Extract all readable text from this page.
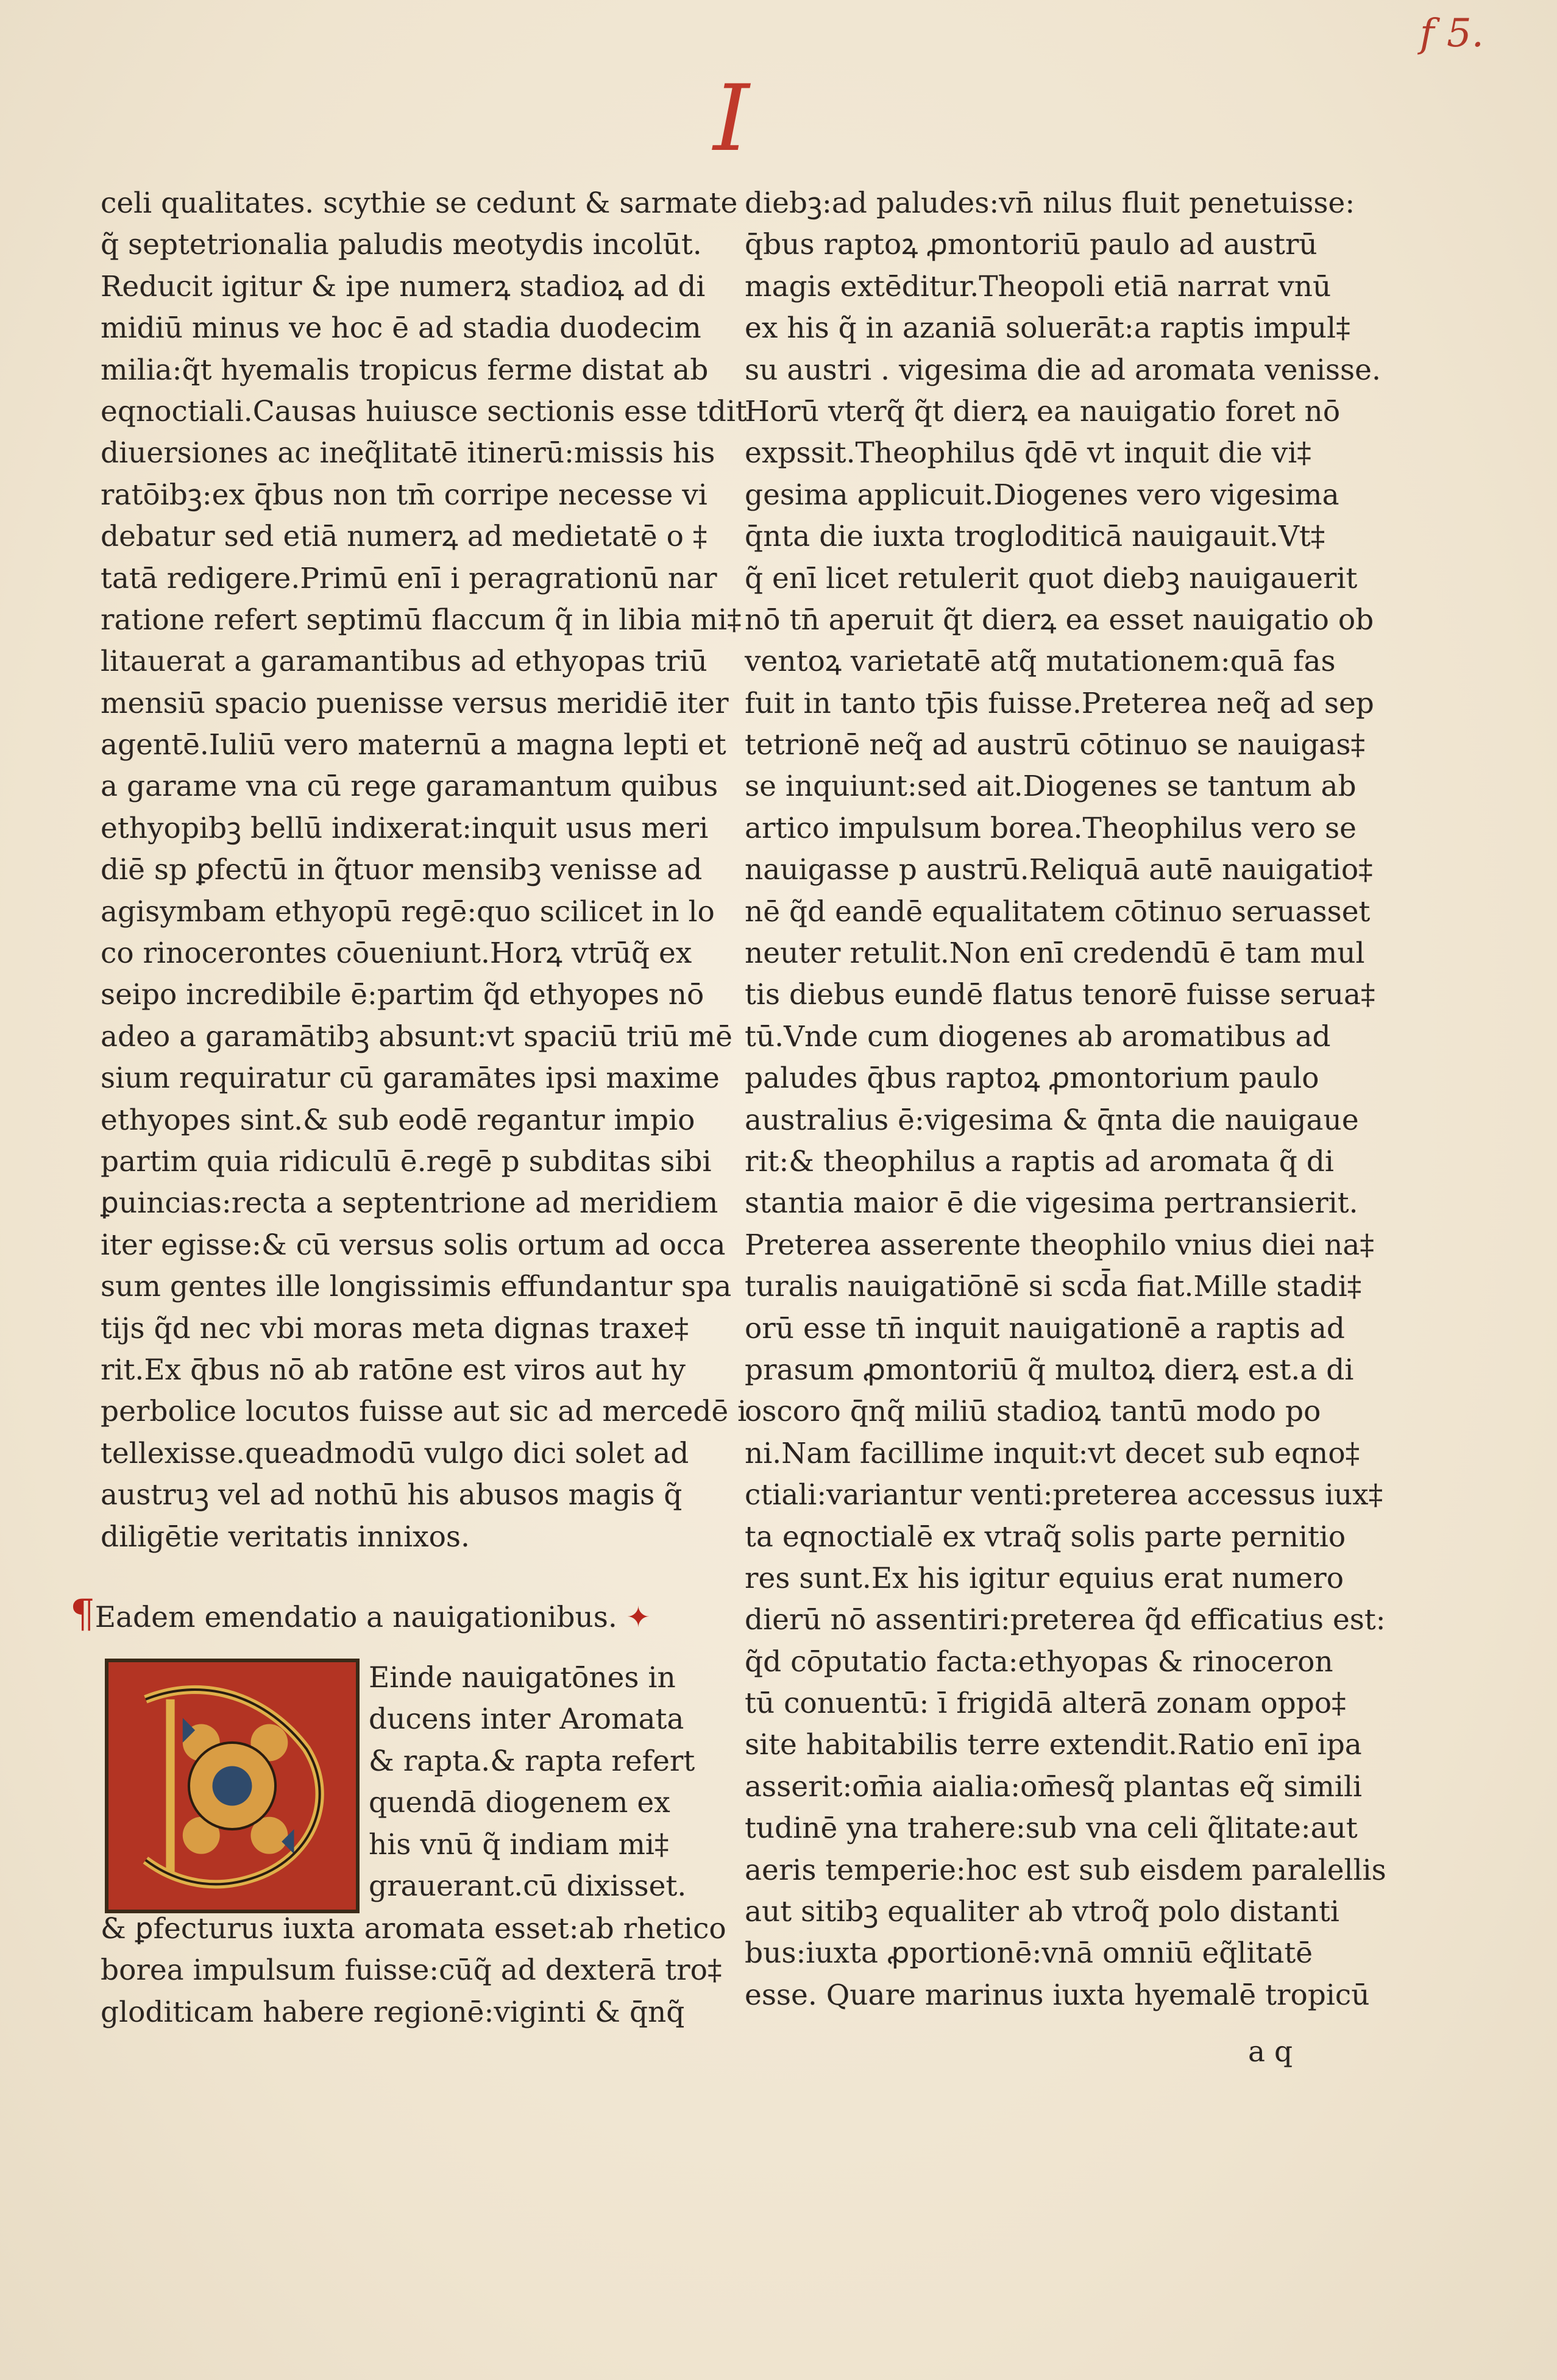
f 5.
I
celi qualitates. scythie se cedunt & sarmate
q̃ septetrionalia paludis meotydis incolūt.
Reducit igitur & ipe numerꝝ stadioꝝ ad di
midiū minus ve hoc ē ad stadia duodecim
milia:q̃t hyemalis tropicus ferme distat ab
eqnoctiali.Causas huiusce sectionis esse tdit
diuersiones ac ineq̃litatē itinerū:missis his
ratōibꝫ:ex q̄bus non tm̄ corripe necesse vi
debatur sed etiā numerꝝ ad medietatē o ‡
tatā redigere.Primū enī i peragrationū nar
ratione refert septimū flaccum q̃ in libia mi‡
litauerat a garamantibus ad ethyopas triū
mensiū spacio puenisse versus meridiē iter
agentē.Iuliū vero maternū a magna lepti et
a garame vna cū rege garamantum quibus
ethyopibꝫ bellū indixerat:inquit usus meri
diē sp ꝑfectū in q̃tuor mensibꝫ venisse ad
agisymbam ethyopū regē:quo scilicet in lo
co rinocerontes cōueniunt.Horꝝ vtrūq̃ ex
seipo incredibile ē:partim q̃d ethyopes nō
adeo a garamātibꝫ absunt:vt spaciū triū mē
sium requiratur cū garamātes ipsi maxime
ethyopes sint.& sub eodē regantur impio
partim quia ridiculū ē.regē p subditas sibi
ꝑuincias:recta a septentrione ad meridiem
iter egisse:& cū versus solis ortum ad occa
sum gentes ille longissimis effundantur spa
tijs q̃d nec vbi moras meta dignas traxe‡
rit.Ex q̄bus nō ab ratōne est viros aut hy
perbolice locutos fuisse aut sic ad mercedē i
tellexisse.queadmodū vulgo dici solet ad
austruꝫ vel ad nothū his abusos magis q̃
diligētie veritatis innixos.
¶Eadem emendatio a nauigationibus. ✦
Einde nauigatōnes in
ducens inter Aromata
& rapta.& rapta refert
quendā diogenem ex
his vnū q̃ indiam mi‡
grauerant.cū dixisset.
& ꝑfecturus iuxta aromata esset:ab rhetico
borea impulsum fuisse:cūq̃ ad dexterā tro‡
gloditicam habere regionē:viginti & q̄nq̃
diebꝫ:ad paludes:vn̄ nilus fluit penetuisse:
q̄bus raptoꝝ ꝓmontoriū paulo ad austrū
magis extēditur.Theopoli etiā narrat vnū
ex his q̃ in azaniā soluerāt:a raptis impul‡
su austri . vigesima die ad aromata venisse.
Horū vterq̃ q̃t dierꝝ ea nauigatio foret nō
expssit.Theophilus q̄dē vt inquit die vi‡
gesima applicuit.Diogenes vero vigesima
q̄nta die iuxta trogloditicā nauigauit.Vt‡
q̃ enī licet retulerit quot diebꝫ nauigauerit
nō tn̄ aperuit q̃t dierꝝ ea esset nauigatio ob
ventoꝝ varietatē atq̃ mutationem:quā fas
fuit in tanto tp̄is fuisse.Preterea neq̃ ad sep
tetrionē neq̃ ad austrū cōtinuo se nauigas‡
se inquiunt:sed ait.Diogenes se tantum ab
artico impulsum borea.Theophilus vero se
nauigasse p austrū.Reliquā autē nauigatio‡
nē q̃d eandē equalitatem cōtinuo seruasset
neuter retulit.Non enī credendū ē tam mul
tis diebus eundē flatus tenorē fuisse serua‡
tū.Vnde cum diogenes ab aromatibus ad
paludes q̄bus raptoꝝ ꝓmontorium paulo
australius ē:vigesima & q̄nta die nauigaue
rit:& theophilus a raptis ad aromata q̃ di
stantia maior ē die vigesima pertransierit.
Preterea asserente theophilo vnius diei na‡
turalis nauigatiōnē si scd̄a fiat.Mille stadi‡
orū esse tn̄ inquit nauigationē a raptis ad
prasum ꝓmontoriū q̃ multoꝝ dierꝝ est.a di
oscoro q̄nq̃ miliū stadioꝝ tantū modo po
ni.Nam facillime inquit:vt decet sub eqno‡
ctiali:variantur venti:preterea accessus iux‡
ta eqnoctialē ex vtraq̃ solis parte pernitio
res sunt.Ex his igitur equius erat numero
dierū nō assentiri:preterea q̃d efficatius est:
q̃d cōputatio facta:ethyopas & rinoceron
tū conuentū: ī frigidā alterā zonam oppo‡
site habitabilis terre extendit.Ratio enī ipa
asserit:om̄ia aialia:om̄esq̃ plantas eq̃ simili
tudinē yna trahere:sub vna celi q̃litate:aut
aeris temperie:hoc est sub eisdem paralellis
aut sitibꝫ equaliter ab vtroq̃ polo distanti
bus:iuxta ꝓportionē:vnā omniū eq̃litatē
esse. Quare marinus iuxta hyemalē tropicū
a q
